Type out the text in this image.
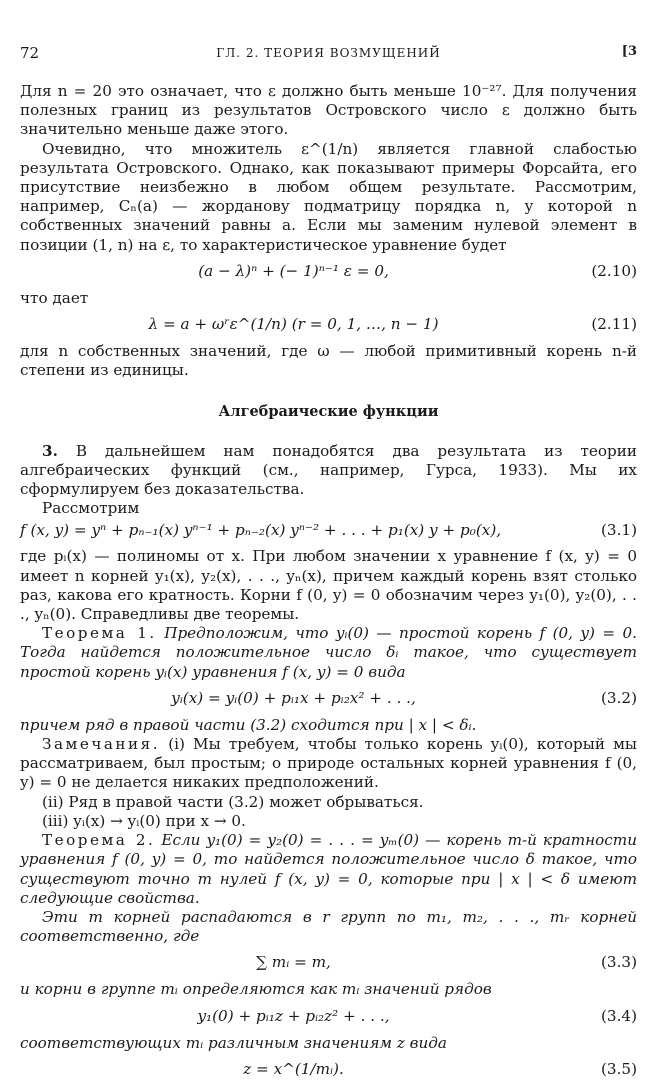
72	ГЛ. 2. ТЕОРИЯ ВОЗМУЩЕНИЙ	[3

Для n = 20 это означает, что ε должно быть меньше 10⁻²⁷. Для получения полезных границ из результатов Островского число ε должно быть значительно меньше даже этого.

Очевидно, что множитель ε^(1/n) является главной слабостью результата Островского. Однако, как показывают примеры Форсайта, его присутствие неизбежно в любом общем результате. Рассмотрим, например, Cₙ(a) — жорданову подматрицу порядка n, у которой n собственных значений равны a. Если мы заменим нулевой элемент в позиции (1, n) на ε, то характеристическое уравнение будет

(a − λ)ⁿ + (− 1)ⁿ⁻¹ ε = 0,	(2.10)

что дает

λ = a + ωʳε^(1/n) (r = 0, 1, …, n − 1)	(2.11)

для n собственных значений, где ω — любой примитивный корень n-й степени из единицы.

Алгебраические функции

3. В дальнейшем нам понадобятся два результата из теории алгебраических функций (см., например, Гурса, 1933). Мы их сформулируем без доказательства.

Рассмотрим

f (x, y) = yⁿ + pₙ₋₁(x) yⁿ⁻¹ + pₙ₋₂(x) yⁿ⁻² + . . . + p₁(x) y + p₀(x),	(3.1)

где pᵢ(x) — полиномы от x. При любом значении x уравнение f (x, y) = 0 имеет n корней y₁(x), y₂(x), . . ., yₙ(x), причем каждый корень взят столько раз, какова его кратность. Корни f (0, y) = 0 обозначим через y₁(0), y₂(0), . . ., yₙ(0). Справедливы две теоремы.

Теорема 1. Предположим, что yᵢ(0) — простой корень f (0, y) = 0. Тогда найдется положительное число δᵢ такое, что существует простой корень yᵢ(x) уравнения f (x, y) = 0 вида

yᵢ(x) = yᵢ(0) + pᵢ₁x + pᵢ₂x² + . . .,	(3.2)

причем ряд в правой части (3.2) сходится при | x | < δᵢ.

Замечания. (i) Мы требуем, чтобы только корень yᵢ(0), который мы рассматриваем, был простым; о природе остальных корней уравнения f (0, y) = 0 не делается никаких предположений.

(ii) Ряд в правой части (3.2) может обрываться.

(iii) yᵢ(x) → yᵢ(0) при x → 0.

Теорема 2. Если y₁(0) = y₂(0) = . . . = yₘ(0) — корень m-й кратности уравнения f (0, y) = 0, то найдется положительное число δ такое, что существуют точно m нулей f (x, y) = 0, которые при | x | < δ имеют следующие свойства.

Эти m корней распадаются в r групп по m₁, m₂, . . ., mᵣ корней соответственно, где

∑ mᵢ = m,	(3.3)

и корни в группе mᵢ определяются как mᵢ значений рядов

y₁(0) + pᵢ₁z + pᵢ₂z² + . . .,	(3.4)

соответствующих mᵢ различным значениям z вида

z = x^(1/mᵢ).	(3.5)
